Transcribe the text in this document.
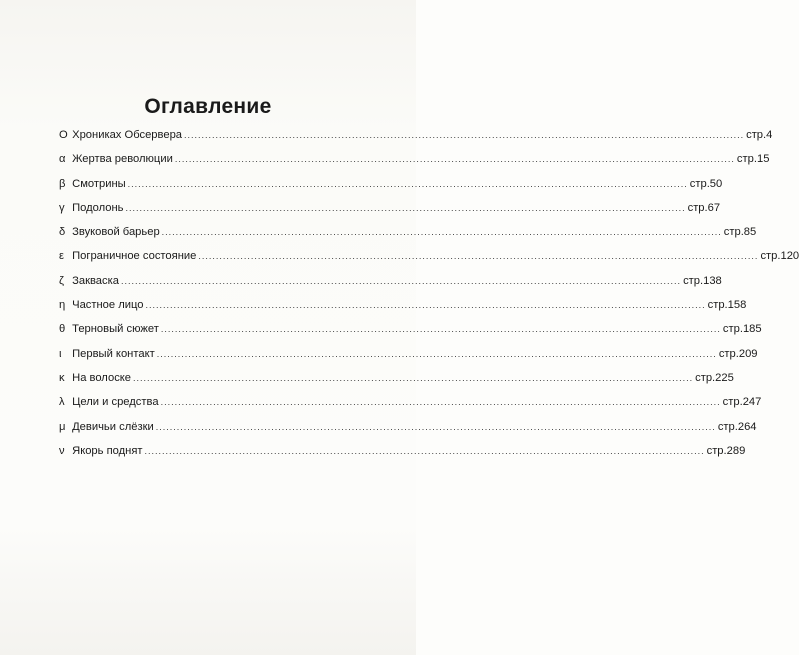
Оглавление
О Хрониках Обсервера ................................................................................................................................................................ стр.4
α Жертва революции ................................................................................................................................................................ стр.15
β Смотрины ................................................................................................................................................................ стр.50
γ Подолонь ................................................................................................................................................................ стр.67
δ Звуковой барьер ................................................................................................................................................................ стр.85
ε Пограничное состояние ................................................................................................................................................................ стр.120
ζ Закваска ................................................................................................................................................................ стр.138
η Частное лицо ................................................................................................................................................................ стр.158
θ Терновый сюжет ................................................................................................................................................................ стр.185
ι Первый контакт ................................................................................................................................................................ стр.209
κ На волоске ................................................................................................................................................................ стр.225
λ Цели и средства ................................................................................................................................................................ стр.247
μ Девичьи слёзки ................................................................................................................................................................ стр.264
ν Якорь поднят ................................................................................................................................................................ стр.289
